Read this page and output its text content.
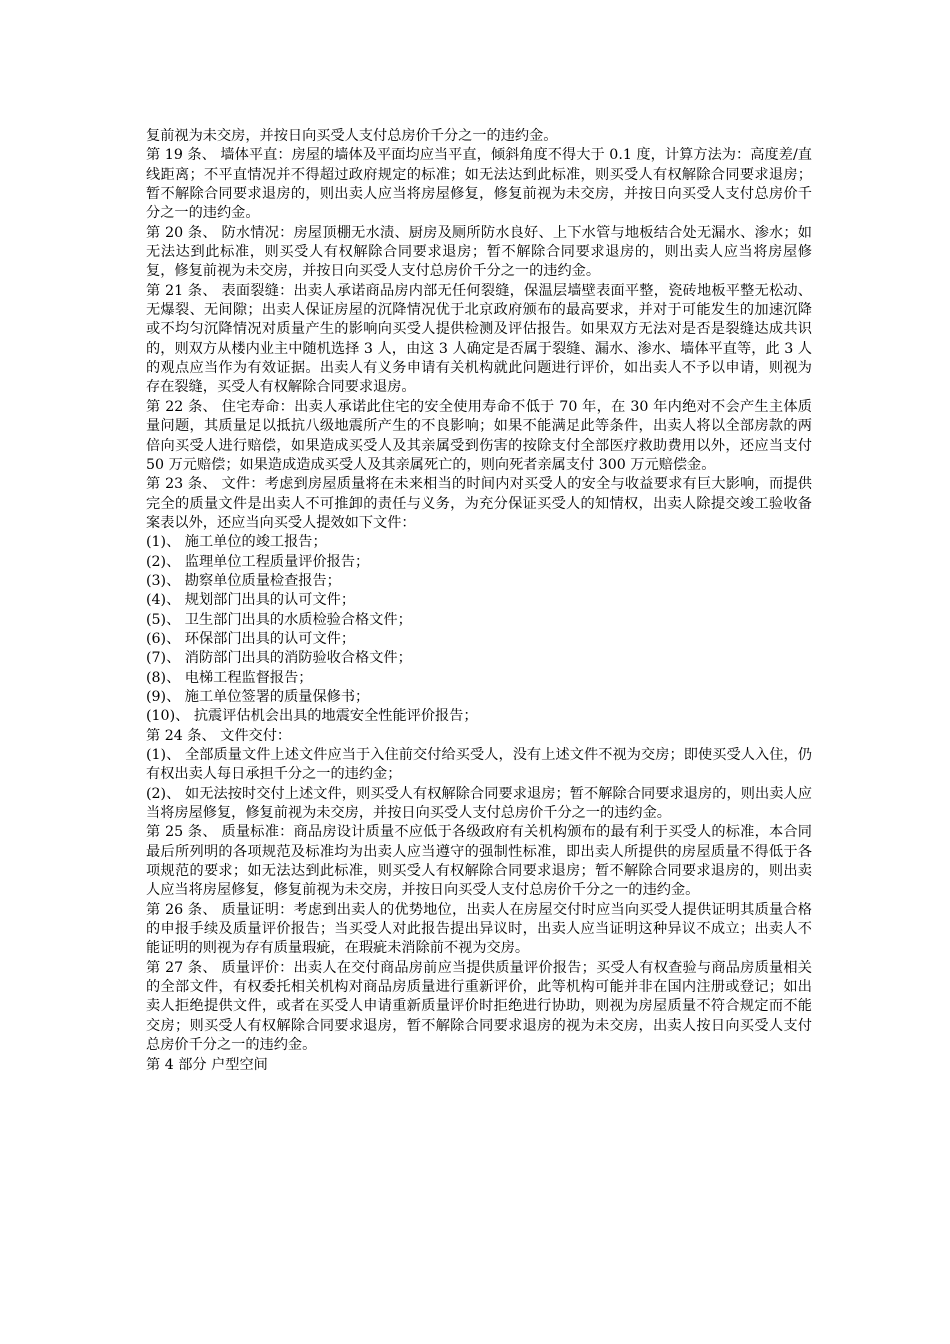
复前视为未交房，并按日向买受人支付总房价千分之一的违约金。

第 19 条、 墙体平直：房屋的墙体及平面均应当平直，倾斜角度不得大于 0.1 度，计算方法为：高度差/直线距离；不平直情况并不得超过政府规定的标准；如无法达到此标准，则买受人有权解除合同要求退房；暂不解除合同要求退房的，则出卖人应当将房屋修复，修复前视为未交房，并按日向买受人支付总房价千分之一的违约金。

第 20 条、 防水情况：房屋顶棚无水渍、厨房及厕所防水良好、上下水管与地板结合处无漏水、渗水；如无法达到此标准，则买受人有权解除合同要求退房；暂不解除合同要求退房的，则出卖人应当将房屋修复，修复前视为未交房，并按日向买受人支付总房价千分之一的违约金。

第 21 条、 表面裂缝：出卖人承诺商品房内部无任何裂缝，保温层墙壁表面平整，瓷砖地板平整无松动、无爆裂、无间隙；出卖人保证房屋的沉降情况优于北京政府颁布的最高要求，并对于可能发生的加速沉降或不均匀沉降情况对质量产生的影响向买受人提供检测及评估报告。如果双方无法对是否是裂缝达成共识的，则双方从楼内业主中随机选择 3 人，由这 3 人确定是否属于裂缝、漏水、渗水、墙体平直等，此 3 人的观点应当作为有效证据。出卖人有义务申请有关机构就此问题进行评价，如出卖人不予以申请，则视为存在裂缝，买受人有权解除合同要求退房。

第 22 条、 住宅寿命：出卖人承诺此住宅的安全使用寿命不低于 70 年，在 30 年内绝对不会产生主体质量问题，其质量足以抵抗八级地震所产生的不良影响；如果不能满足此等条件，出卖人将以全部房款的两倍向买受人进行赔偿，如果造成买受人及其亲属受到伤害的按除支付全部医疗救助费用以外，还应当支付 50 万元赔偿；如果造成造成买受人及其亲属死亡的，则向死者亲属支付 300 万元赔偿金。

第 23 条、 文件：考虑到房屋质量将在未来相当的时间内对买受人的安全与收益要求有巨大影响，而提供完全的质量文件是出卖人不可推卸的责任与义务，为充分保证买受人的知情权，出卖人除提交竣工验收备案表以外，还应当向买受人提效如下文件：

(1)、 施工单位的竣工报告；

(2)、 监理单位工程质量评价报告；

(3)、 勘察单位质量检查报告；

(4)、 规划部门出具的认可文件；

(5)、 卫生部门出具的水质检验合格文件；

(6)、 环保部门出具的认可文件；

(7)、 消防部门出具的消防验收合格文件；

(8)、 电梯工程监督报告；

(9)、 施工单位签署的质量保修书；

(10)、 抗震评估机会出具的地震安全性能评价报告；

第 24 条、 文件交付：

(1)、 全部质量文件上述文件应当于入住前交付给买受人，没有上述文件不视为交房；即使买受人入住，仍有权出卖人每日承担千分之一的违约金；

(2)、 如无法按时交付上述文件，则买受人有权解除合同要求退房；暂不解除合同要求退房的，则出卖人应当将房屋修复，修复前视为未交房，并按日向买受人支付总房价千分之一的违约金。

第 25 条、 质量标准：商品房设计质量不应低于各级政府有关机构颁布的最有利于买受人的标准，本合同最后所列明的各项规范及标准均为出卖人应当遵守的强制性标准，即出卖人所提供的房屋质量不得低于各项规范的要求；如无法达到此标准，则买受人有权解除合同要求退房；暂不解除合同要求退房的，则出卖人应当将房屋修复，修复前视为未交房，并按日向买受人支付总房价千分之一的违约金。

第 26 条、 质量证明：考虑到出卖人的优势地位，出卖人在房屋交付时应当向买受人提供证明其质量合格的申报手续及质量评价报告；当买受人对此报告提出异议时，出卖人应当证明这种异议不成立；出卖人不能证明的则视为存有质量瑕疵，在瑕疵未消除前不视为交房。

第 27 条、 质量评价：出卖人在交付商品房前应当提供质量评价报告；买受人有权查验与商品房质量相关的全部文件，有权委托相关机构对商品房质量进行重新评价，此等机构可能并非在国内注册或登记；如出卖人拒绝提供文件，或者在买受人申请重新质量评价时拒绝进行协助，则视为房屋质量不符合规定而不能交房；则买受人有权解除合同要求退房，暂不解除合同要求退房的视为未交房，出卖人按日向买受人支付总房价千分之一的违约金。

第 4 部分 户型空间
